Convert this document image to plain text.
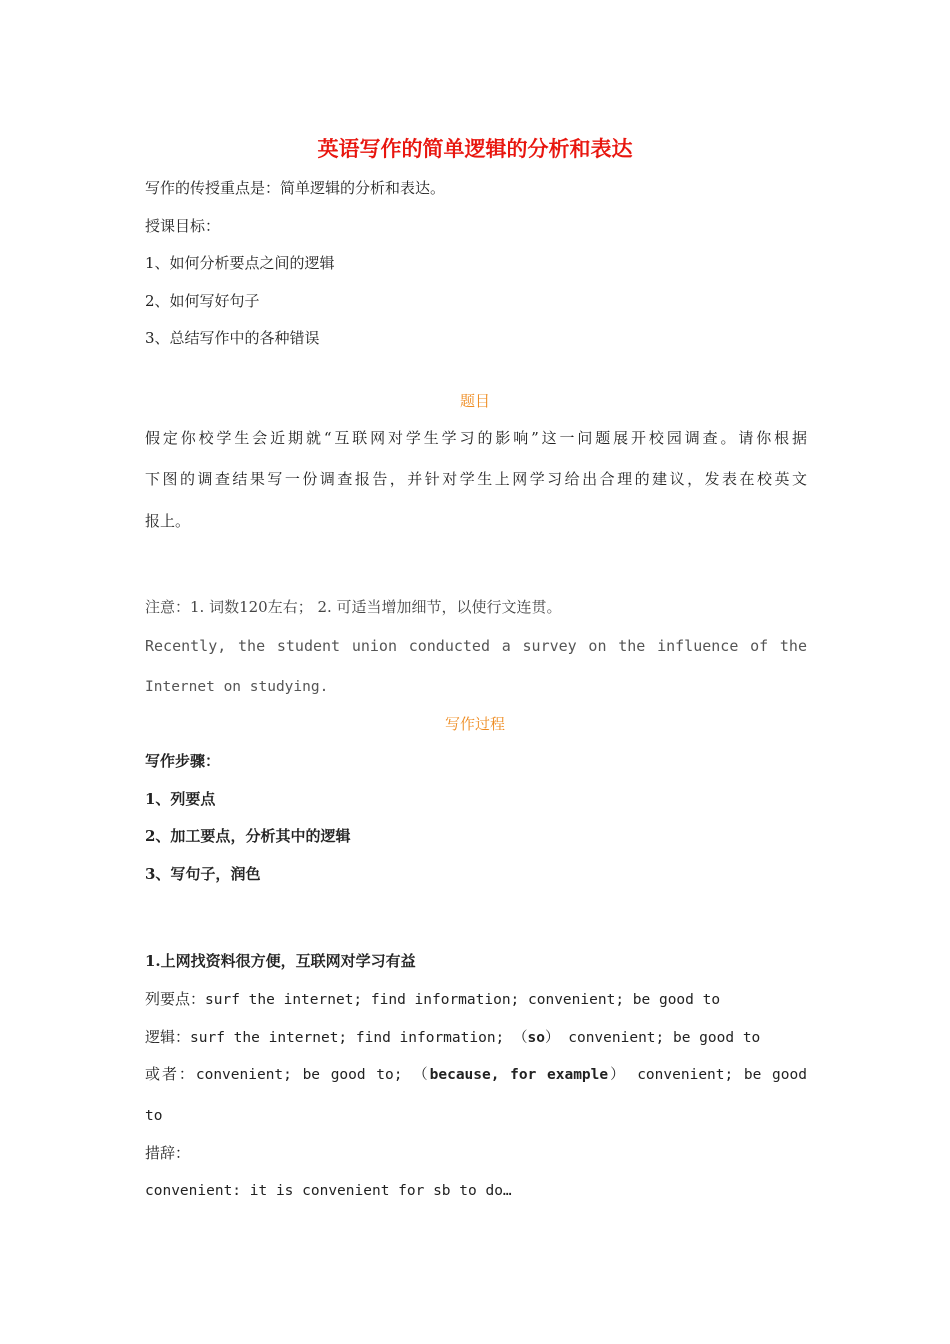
英语写作的简单逻辑的分析和表达
写作的传授重点是：简单逻辑的分析和表达。
授课目标：
1、如何分析要点之间的逻辑
2、如何写好句子
3、总结写作中的各种错误
题目
假定你校学生会近期就“互联网对学生学习的影响”这一问题展开校园调查。请你根据
下图的调查结果写一份调查报告，并针对学生上网学习给出合理的建议，发表在校英文
报上。
注意：1. 词数120左右； 2. 可适当增加细节，以使行文连贯。
Recently, the student union conducted a survey on the influence of the
Internet on studying.
写作过程
写作步骤：
1、列要点
2、加工要点，分析其中的逻辑
3、写句子，润色
1.上网找资料很方便，互联网对学习有益
列要点：surf the internet; find information; convenient; be good to
逻辑：surf the internet; find information; （so） convenient; be good to
或者：convenient; be good to; （because, for example） convenient; be good
to
措辞：
convenient: it is convenient for sb to do…
